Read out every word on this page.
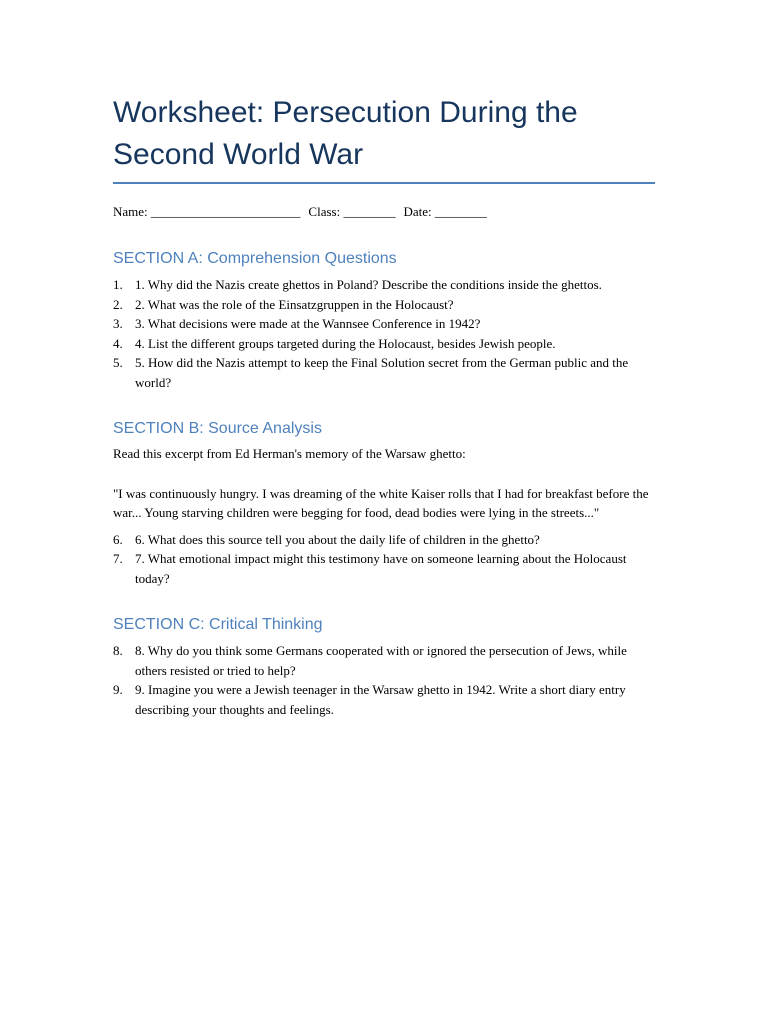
Worksheet: Persecution During the
Second World War
Name: _______________________ Class: ________ Date: ________
SECTION A: Comprehension Questions
1. 1. Why did the Nazis create ghettos in Poland? Describe the conditions inside the ghettos.
2. 2. What was the role of the Einsatzgruppen in the Holocaust?
3. 3. What decisions were made at the Wannsee Conference in 1942?
4. 4. List the different groups targeted during the Holocaust, besides Jewish people.
5. 5. How did the Nazis attempt to keep the Final Solution secret from the German public and the world?
SECTION B: Source Analysis

Read this excerpt from Ed Herman's memory of the Warsaw ghetto:

"I was continuously hungry. I was dreaming of the white Kaiser rolls that I had for breakfast before the war... Young starving children were begging for food, dead bodies were lying in the streets..."

6. 6. What does this source tell you about the daily life of children in the ghetto?
7. 7. What emotional impact might this testimony have on someone learning about the Holocaust today?
SECTION C: Critical Thinking
8. 8. Why do you think some Germans cooperated with or ignored the persecution of Jews, while others resisted or tried to help?
9. 9. Imagine you were a Jewish teenager in the Warsaw ghetto in 1942. Write a short diary entry describing your thoughts and feelings.
